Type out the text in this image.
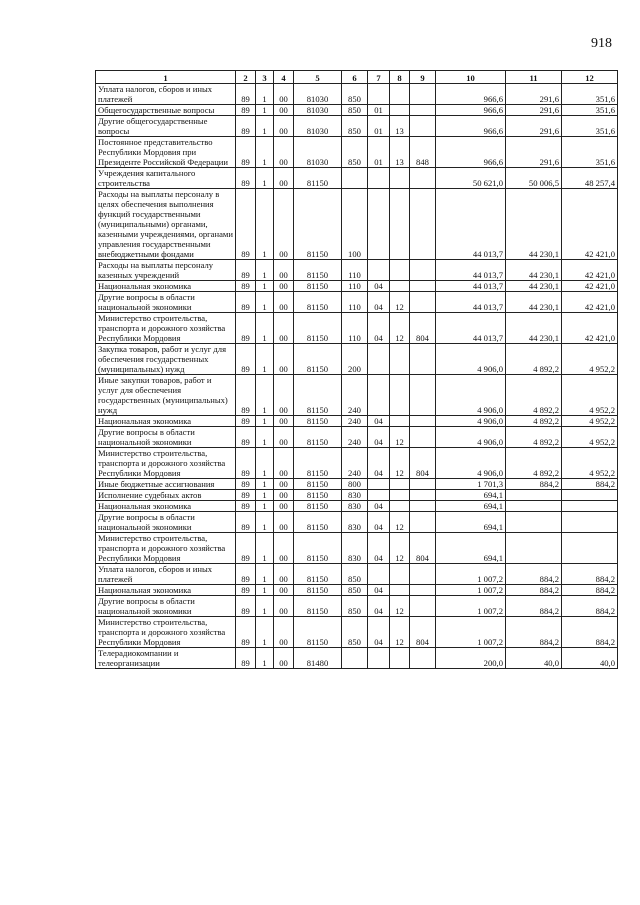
918
1	2	3	4	5	6	7	8	9	10	11	12
Уплата налогов, сборов и иных платежей	89	1	00	81030	850				966,6	291,6	351,6
Общегосударственные вопросы	89	1	00	81030	850	01			966,6	291,6	351,6
Другие общегосударственные вопросы	89	1	00	81030	850	01	13		966,6	291,6	351,6
Постоянное представительство Республики Мордовия при Президенте Российской Федерации	89	1	00	81030	850	01	13	848	966,6	291,6	351,6
Учреждения капитального строительства	89	1	00	81150					50 621,0	50 006,5	48 257,4
Расходы на выплаты персоналу в целях обеспечения выполнения функций государственными (муниципальными) органами, казенными учреждениями, органами управления государственными внебюджетными фондами	89	1	00	81150	100				44 013,7	44 230,1	42 421,0
Расходы на выплаты персоналу казенных учреждений	89	1	00	81150	110				44 013,7	44 230,1	42 421,0
Национальная экономика	89	1	00	81150	110	04			44 013,7	44 230,1	42 421,0
Другие вопросы в области национальной экономики	89	1	00	81150	110	04	12		44 013,7	44 230,1	42 421,0
Министерство строительства, транспорта и дорожного хозяйства Республики Мордовия	89	1	00	81150	110	04	12	804	44 013,7	44 230,1	42 421,0
Закупка товаров, работ и услуг для обеспечения государственных (муниципальных) нужд	89	1	00	81150	200				4 906,0	4 892,2	4 952,2
Иные закупки товаров, работ и услуг для обеспечения государственных (муниципальных) нужд	89	1	00	81150	240				4 906,0	4 892,2	4 952,2
Национальная экономика	89	1	00	81150	240	04			4 906,0	4 892,2	4 952,2
Другие вопросы в области национальной экономики	89	1	00	81150	240	04	12		4 906,0	4 892,2	4 952,2
Министерство строительства, транспорта и дорожного хозяйства Республики Мордовия	89	1	00	81150	240	04	12	804	4 906,0	4 892,2	4 952,2
Иные бюджетные ассигнования	89	1	00	81150	800				1 701,3	884,2	884,2
Исполнение судебных актов	89	1	00	81150	830				694,1		
Национальная экономика	89	1	00	81150	830	04			694,1		
Другие вопросы в области национальной экономики	89	1	00	81150	830	04	12		694,1		
Министерство строительства, транспорта и дорожного хозяйства Республики Мордовия	89	1	00	81150	830	04	12	804	694,1		
Уплата налогов, сборов и иных платежей	89	1	00	81150	850				1 007,2	884,2	884,2
Национальная экономика	89	1	00	81150	850	04			1 007,2	884,2	884,2
Другие вопросы в области национальной экономики	89	1	00	81150	850	04	12		1 007,2	884,2	884,2
Министерство строительства, транспорта и дорожного хозяйства Республики Мордовия	89	1	00	81150	850	04	12	804	1 007,2	884,2	884,2
Телерадиокомпании и телеорганизации	89	1	00	81480					200,0	40,0	40,0
